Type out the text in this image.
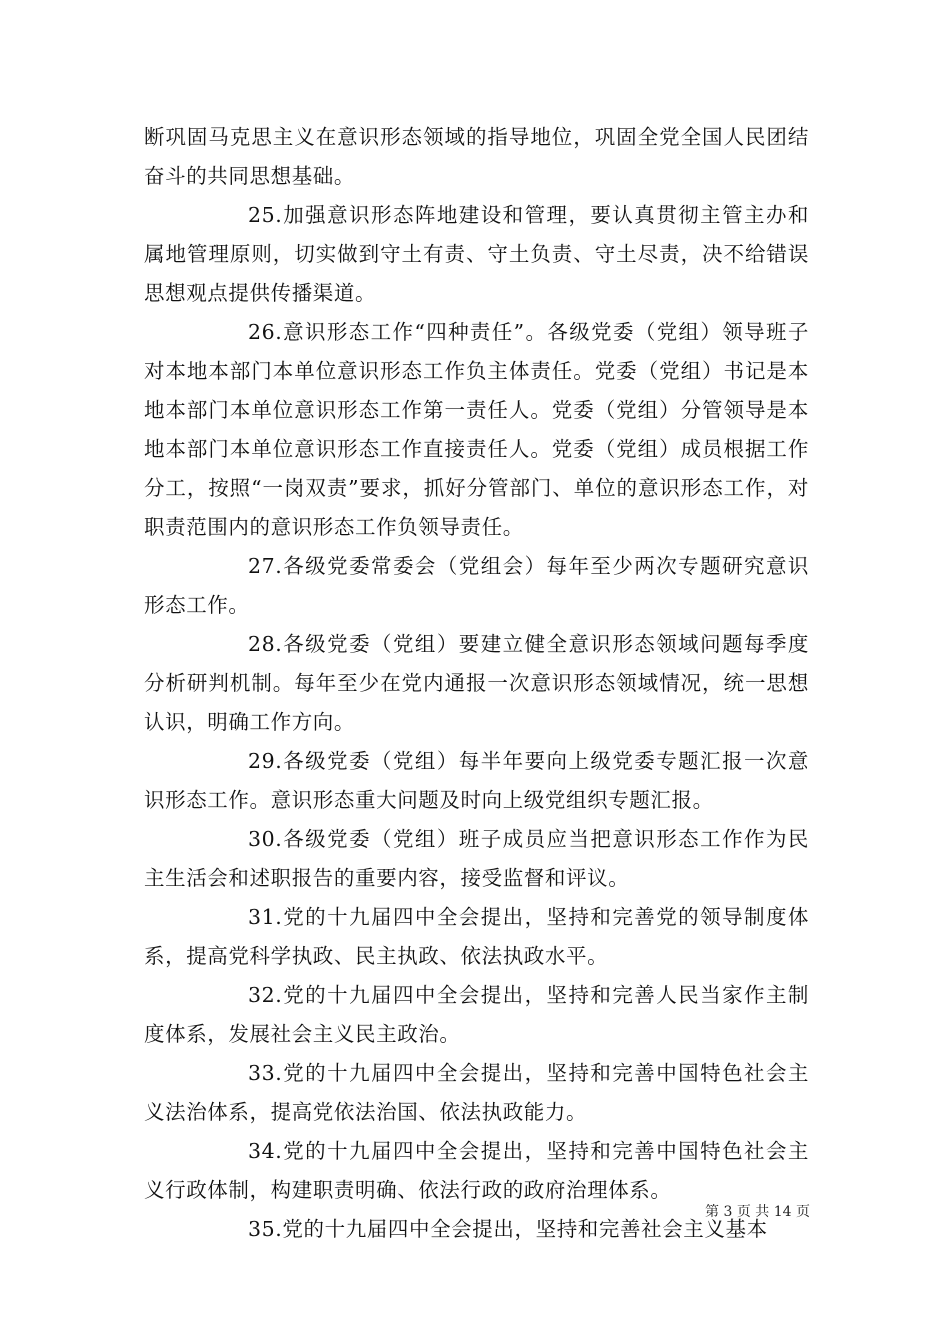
断巩固马克思主义在意识形态领域的指导地位，巩固全党全国人民团结奋斗的共同思想基础。

25.加强意识形态阵地建设和管理，要认真贯彻主管主办和属地管理原则，切实做到守土有责、守土负责、守土尽责，决不给错误思想观点提供传播渠道。

26.意识形态工作“四种责任”。各级党委（党组）领导班子对本地本部门本单位意识形态工作负主体责任。党委（党组）书记是本地本部门本单位意识形态工作第一责任人。党委（党组）分管领导是本地本部门本单位意识形态工作直接责任人。党委（党组）成员根据工作分工，按照“一岗双责”要求，抓好分管部门、单位的意识形态工作，对职责范围内的意识形态工作负领导责任。

27.各级党委常委会（党组会）每年至少两次专题研究意识形态工作。

28.各级党委（党组）要建立健全意识形态领域问题每季度分析研判机制。每年至少在党内通报一次意识形态领域情况，统一思想认识，明确工作方向。

29.各级党委（党组）每半年要向上级党委专题汇报一次意识形态工作。意识形态重大问题及时向上级党组织专题汇报。

30.各级党委（党组）班子成员应当把意识形态工作作为民主生活会和述职报告的重要内容，接受监督和评议。

31.党的十九届四中全会提出，坚持和完善党的领导制度体系，提高党科学执政、民主执政、依法执政水平。

32.党的十九届四中全会提出，坚持和完善人民当家作主制度体系，发展社会主义民主政治。

33.党的十九届四中全会提出，坚持和完善中国特色社会主义法治体系，提高党依法治国、依法执政能力。

34.党的十九届四中全会提出，坚持和完善中国特色社会主义行政体制，构建职责明确、依法行政的政府治理体系。

35.党的十九届四中全会提出，坚持和完善社会主义基本

第 3 页 共 14 页
